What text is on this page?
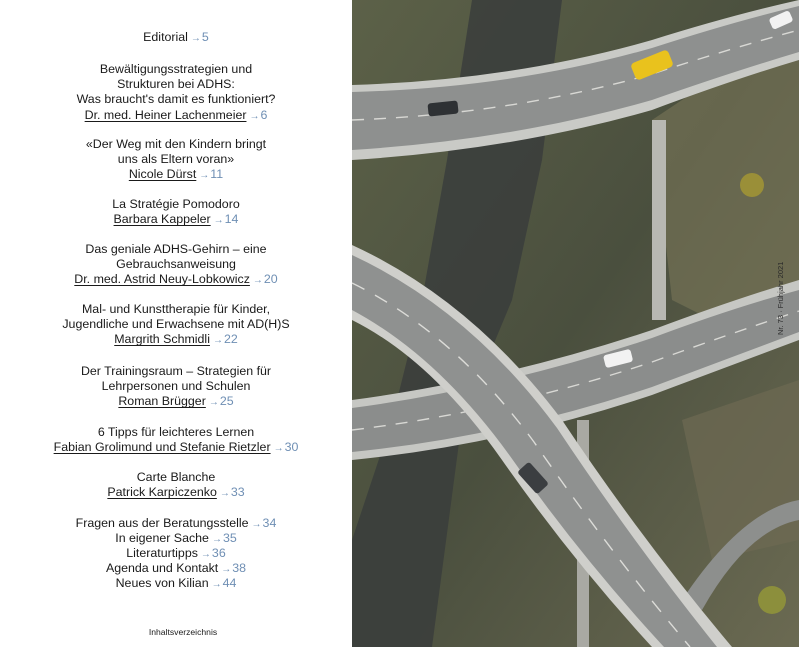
Editorial →5
Bewältigungsstrategien und
Strukturen bei ADHS:
Was braucht's damit es funktioniert?
Dr. med. Heiner Lachenmeier →6
«Der Weg mit den Kindern bringt
uns als Eltern voran»
Nicole Dürst →11
La Stratégie Pomodoro
Barbara Kappeler →14
Das geniale ADHS-Gehirn – eine
Gebrauchsanweisung
Dr. med. Astrid Neuy-Lobkowicz →20
Mal- und Kunsttherapie für Kinder,
Jugendliche und Erwachsene mit AD(H)S
Margrith Schmidli →22
Der Trainingsraum – Strategien für
Lehrpersonen und Schulen
Roman Brügger →25
6 Tipps für leichteres Lernen
Fabian Grolimund und Stefanie Rietzler →30
Carte Blanche
Patrick Karpiczenko →33
Fragen aus der Beratungsstelle →34
In eigener Sache →35
Literaturtipps →36
Agenda und Kontakt →38
Neues von Kilian →44
Inhaltsverzeichnis
Nr. 73 · Frühjahr 2021
